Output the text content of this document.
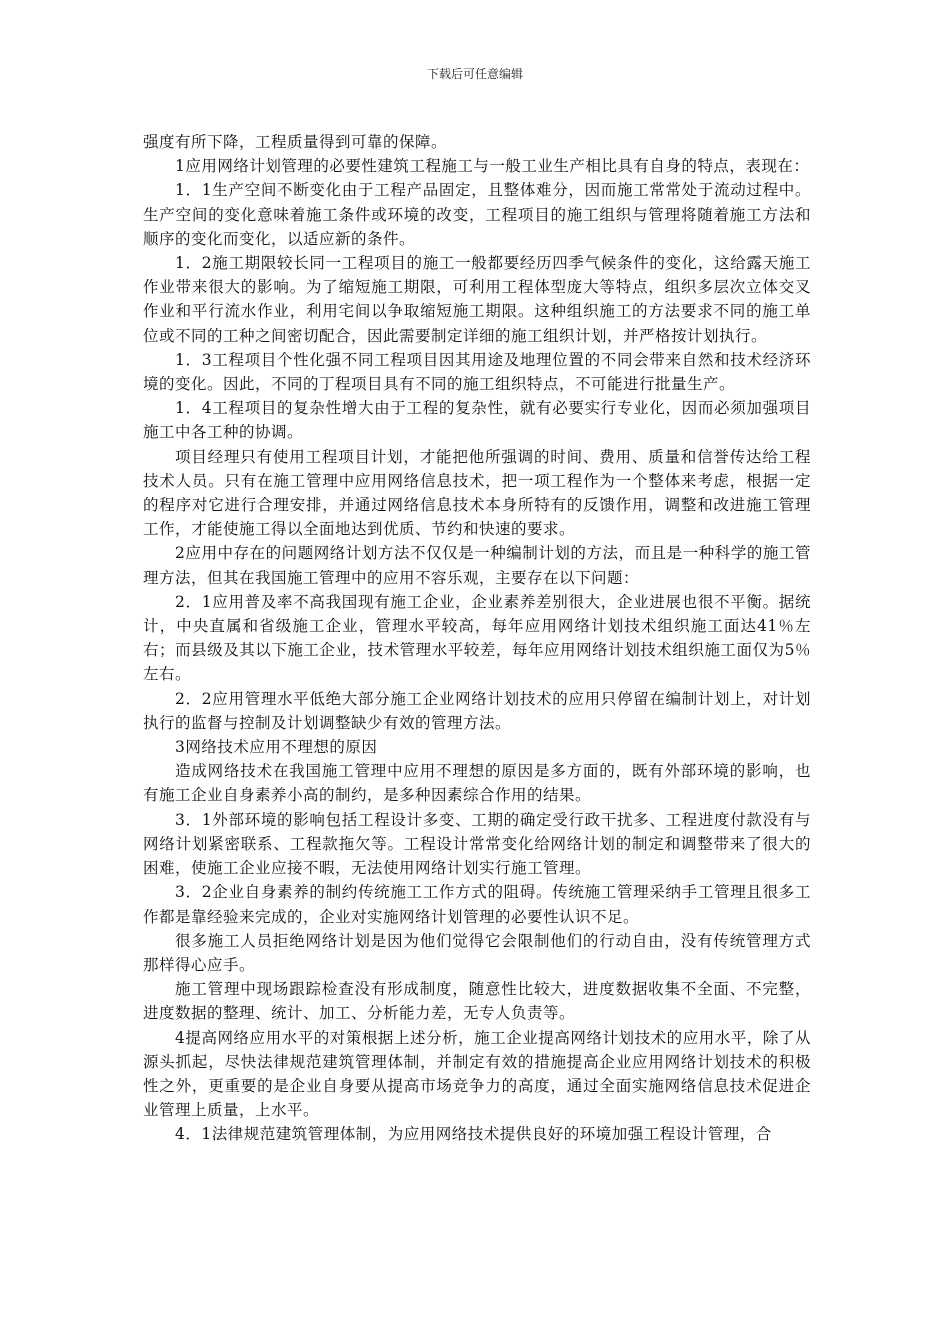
下载后可任意编辑

强度有所下降，工程质量得到可靠的保障。

1应用网络计划管理的必要性建筑工程施工与一般工业生产相比具有自身的特点，表现在：

1．1生产空间不断变化由于工程产品固定，且整体难分，因而施工常常处于流动过程中。生产空间的变化意味着施工条件或环境的改变，工程项目的施工组织与管理将随着施工方法和顺序的变化而变化，以适应新的条件。

1．2施工期限较长同一工程项目的施工一般都要经历四季气候条件的变化，这给露天施工作业带来很大的影响。为了缩短施工期限，可利用工程体型庞大等特点，组织多层次立体交叉作业和平行流水作业，利用宅间以争取缩短施工期限。这种组织施工的方法要求不同的施工单位或不同的工种之间密切配合，因此需要制定详细的施工组织计划，并严格按计划执行。

1．3工程项目个性化强不同工程项目因其用途及地理位置的不同会带来自然和技术经济环境的变化。因此，不同的丁程项目具有不同的施工组织特点，不可能进行批量生产。

1．4工程项目的复杂性增大由于工程的复杂性，就有必要实行专业化，因而必须加强项目施工中各工种的协调。

项目经理只有使用工程项目计划，才能把他所强调的时间、费用、质量和信誉传达给工程技术人员。只有在施工管理中应用网络信息技术，把一项工程作为一个整体来考虑，根据一定的程序对它进行合理安排，并通过网络信息技术本身所特有的反馈作用，调整和改进施工管理工作，才能使施工得以全面地达到优质、节约和快速的要求。

2应用中存在的问题网络计划方法不仅仅是一种编制计划的方法，而且是一种科学的施工管理方法，但其在我国施工管理中的应用不容乐观，主要存在以下问题：

2．1应用普及率不高我国现有施工企业，企业素养差别很大，企业进展也很不平衡。据统计，中央直属和省级施工企业，管理水平较高，每年应用网络计划技术组织施工面达41％左右；而县级及其以下施工企业，技术管理水平较差，每年应用网络计划技术组织施工面仅为5％左右。

2．2应用管理水平低绝大部分施工企业网络计划技术的应用只停留在编制计划上，对计划执行的监督与控制及计划调整缺少有效的管理方法。

3网络技术应用不理想的原因

造成网络技术在我国施工管理中应用不理想的原因是多方面的，既有外部环境的影响，也有施工企业自身素养小高的制约，是多种因素综合作用的结果。

3．1外部环境的影响包括工程设计多变、工期的确定受行政干扰多、工程进度付款没有与网络计划紧密联系、工程款拖欠等。工程设计常常变化给网络计划的制定和调整带来了很大的困难，使施工企业应接不暇，无法使用网络计划实行施工管理。

3．2企业自身素养的制约传统施工工作方式的阻碍。传统施工管理采纳手工管理且很多工作都是靠经验来完成的，企业对实施网络计划管理的必要性认识不足。

很多施工人员拒绝网络计划是因为他们觉得它会限制他们的行动自由，没有传统管理方式那样得心应手。

施工管理中现场跟踪检查没有形成制度，随意性比较大，进度数据收集不全面、不完整，进度数据的整理、统计、加工、分析能力差，无专人负责等。

4提高网络应用水平的对策根据上述分析，施工企业提高网络计划技术的应用水平，除了从源头抓起，尽快法律规范建筑管理体制，并制定有效的措施提高企业应用网络计划技术的积极性之外，更重要的是企业自身要从提高市场竞争力的高度，通过全面实施网络信息技术促进企业管理上质量，上水平。

4．1法律规范建筑管理体制，为应用网络技术提供良好的环境加强工程设计管理，合
